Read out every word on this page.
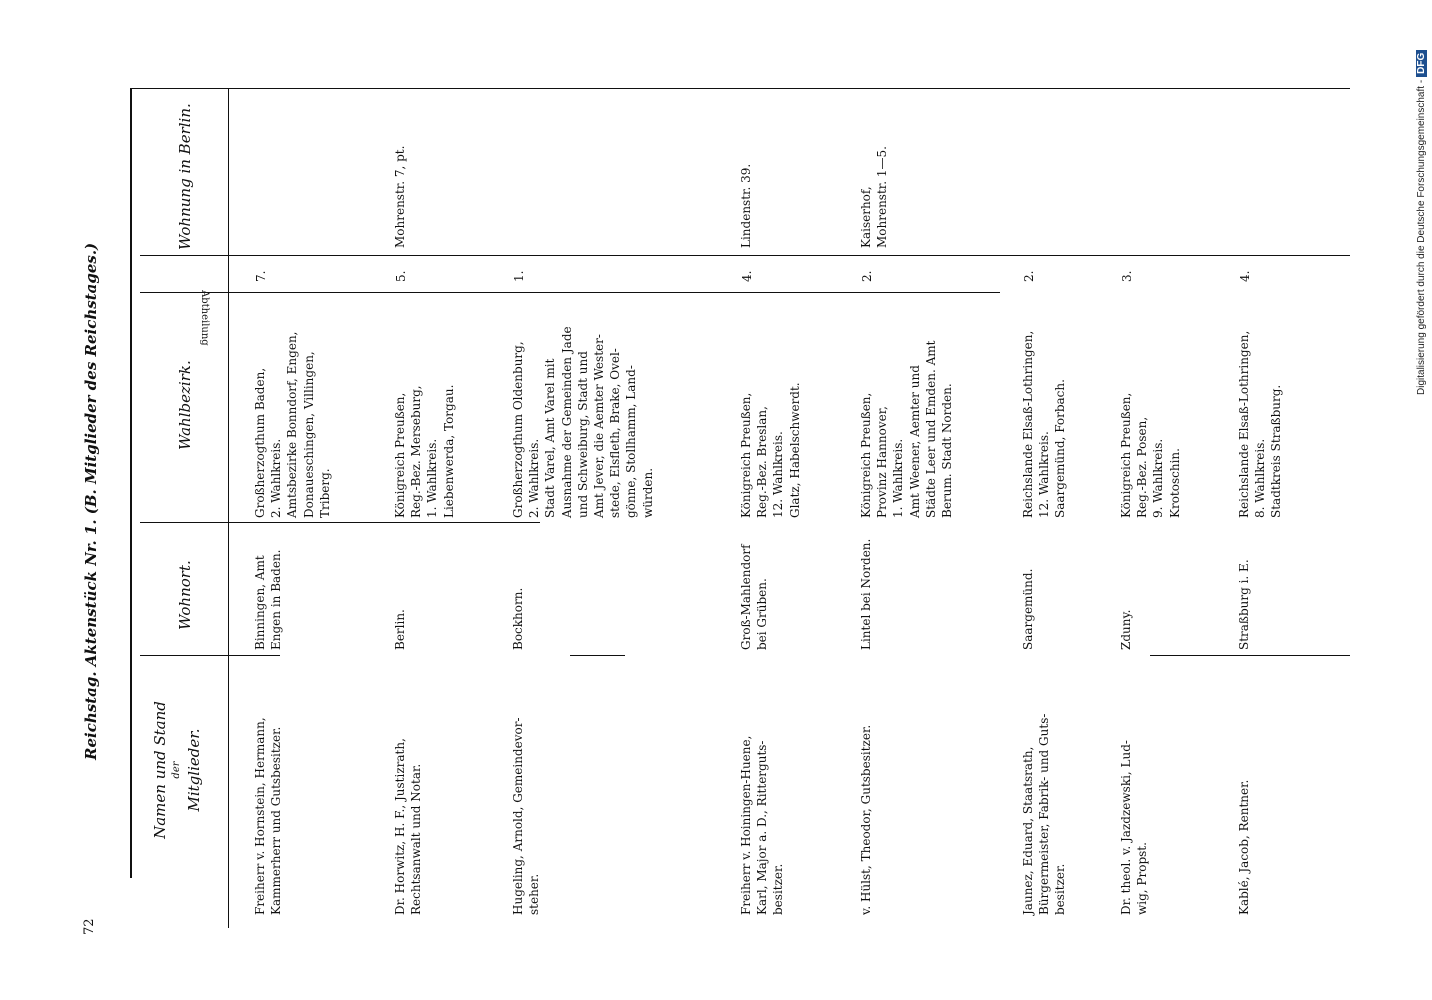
72
Reichstag. Aktenstück Nr. 1. (B. Mitglieder des Reichstages.)
Namen und Stand der Mitglieder.
Wohnort.
Wahlbezirk.
Abtheilung
Wohnung in Berlin.
Freiherr v. Hornstein, Hermann, Kammerherr und Gutsbesitzer.
Binningen, Amt Engen in Baden.
Großherzogthum Baden, 2. Wahlkreis. Amtsbezirke Bonndorf, Engen, Donaueschingen, Villingen, Triberg.
7.
Dr. Horwitz, H. F., Justizrath, Rechtsanwalt und Notar.
Berlin.
Königreich Preußen, Reg.-Bez. Merseburg, 1. Wahlkreis. Liebenwerda, Torgau.
5.
Mohrenstr. 7, pt.
Hugeling, Arnold, Gemeindevor- steher.
Bockhorn.
Großherzogthum Oldenburg, 2. Wahlkreis. Stadt Varel, Amt Varel mit Ausnahme der Gemeinden Jade und Schweiburg, Stadt und Amt Jever, die Aemter Wester- stede, Elsfleth, Brake, Ovel- gönne, Stollhamm, Land- würden.
1.
Freiherr v. Hoiningen-Huene, Karl, Major a. D., Ritterguts- besitzer.
Groß-Mahlendorf bei Grüben.
Königreich Preußen, Reg.-Bez. Breslan, 12. Wahlkreis. Glatz, Habelschwerdt.
4.
Lindenstr. 39.
v. Hülst, Theodor, Gutsbesitzer.
Lintel bei Norden.
Königreich Preußen, Provinz Hannover, 1. Wahlkreis. Amt Weener, Aemter und Städte Leer und Emden. Amt Berum. Stadt Norden.
2.
Kaiserhof, Mohrenstr. 1—5.
Jaunez, Eduard, Staatsrath, Bürgermeister, Fabrik- und Guts- besitzer.
Saargemünd.
Reichslande Elsaß-Lothringen, 12. Wahlkreis. Saargemünd, Forbach.
2.
Dr. theol. v. Jazdzewski, Lud- wig, Propst.
Zduny.
Königreich Preußen, Reg.-Bez. Posen, 9. Wahlkreis. Krotoschin.
3.
Kablé, Jacob, Rentner.
Straßburg i. E.
Reichslande Elsaß-Lothringen, 8. Wahlkreis. Stadtkreis Straßburg.
4.	Digitalisierung gefördert durch die Deutsche Forschungsgemeinschaft -DFG
